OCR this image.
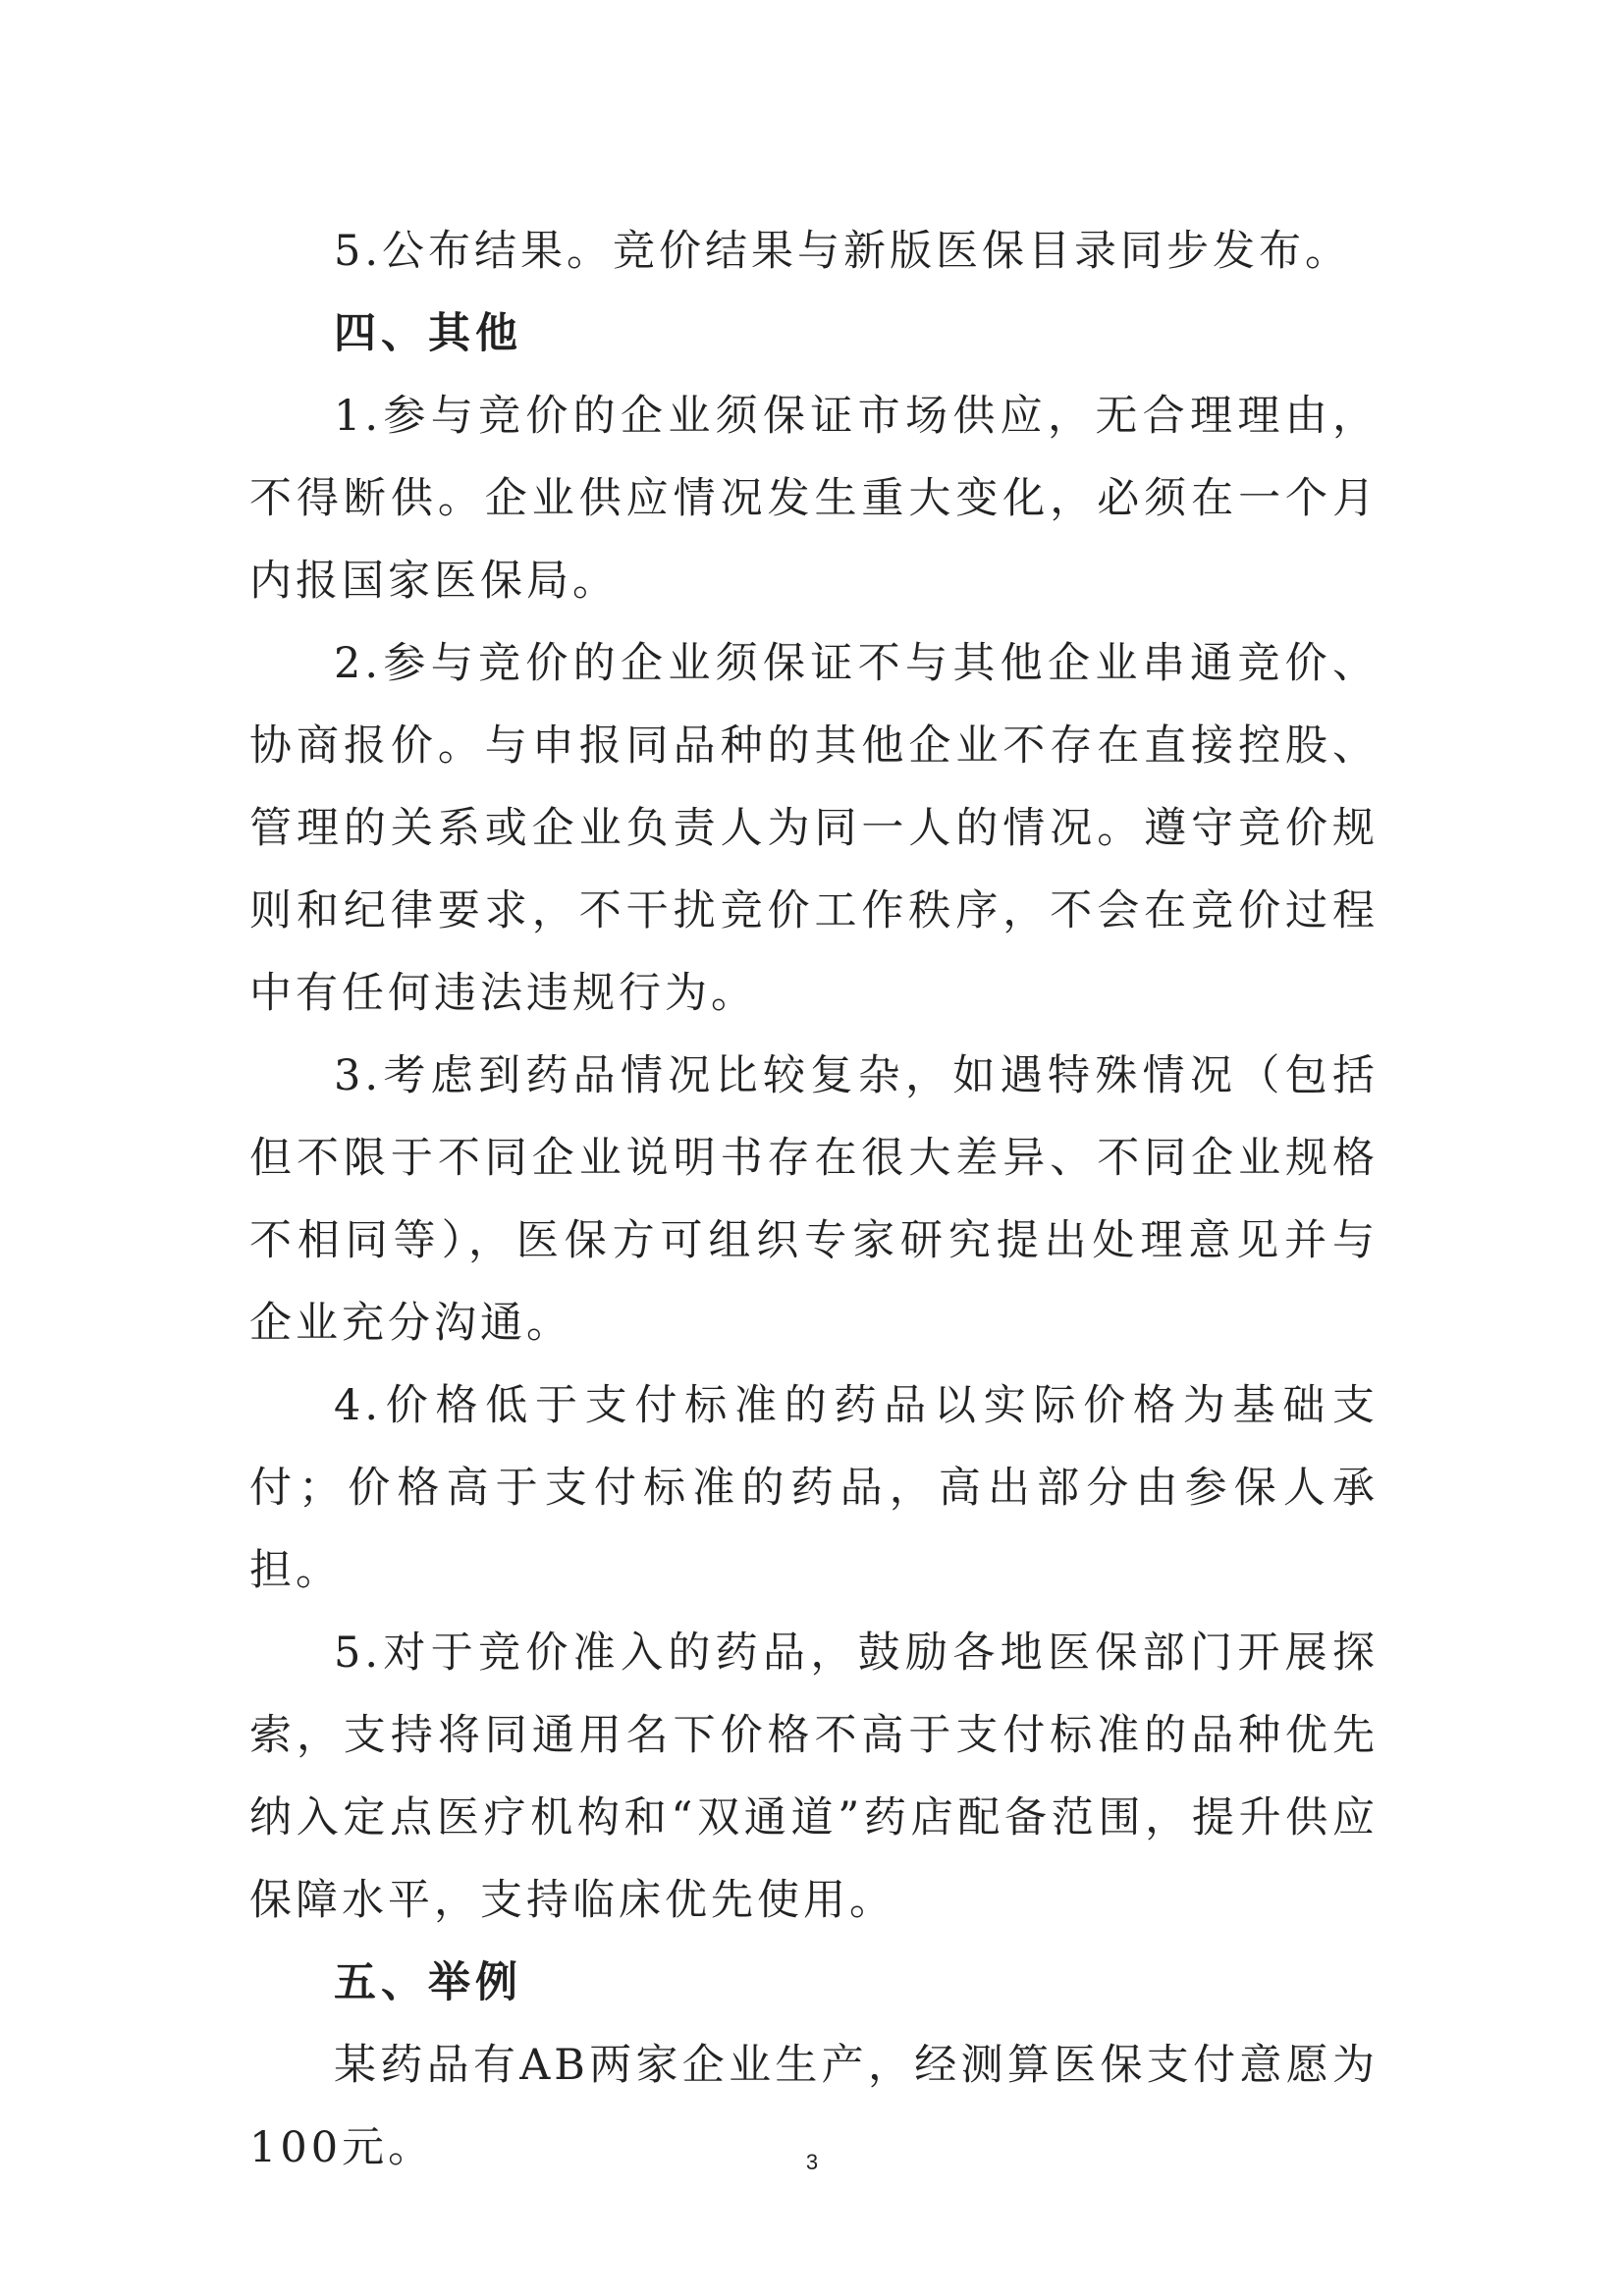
5.公布结果。竞价结果与新版医保目录同步发布。

四、其他

1.参与竞价的企业须保证市场供应，无合理理由，不得断供。企业供应情况发生重大变化，必须在一个月内报国家医保局。

2.参与竞价的企业须保证不与其他企业串通竞价、协商报价。与申报同品种的其他企业不存在直接控股、管理的关系或企业负责人为同一人的情况。遵守竞价规则和纪律要求，不干扰竞价工作秩序，不会在竞价过程中有任何违法违规行为。

3.考虑到药品情况比较复杂，如遇特殊情况（包括但不限于不同企业说明书存在很大差异、不同企业规格不相同等），医保方可组织专家研究提出处理意见并与企业充分沟通。

4.价格低于支付标准的药品以实际价格为基础支付；价格高于支付标准的药品，高出部分由参保人承担。

5.对于竞价准入的药品，鼓励各地医保部门开展探索，支持将同通用名下价格不高于支付标准的品种优先纳入定点医疗机构和“双通道”药店配备范围，提升供应保障水平，支持临床优先使用。

五、举例

某药品有AB两家企业生产，经测算医保支付意愿为100元。	3
